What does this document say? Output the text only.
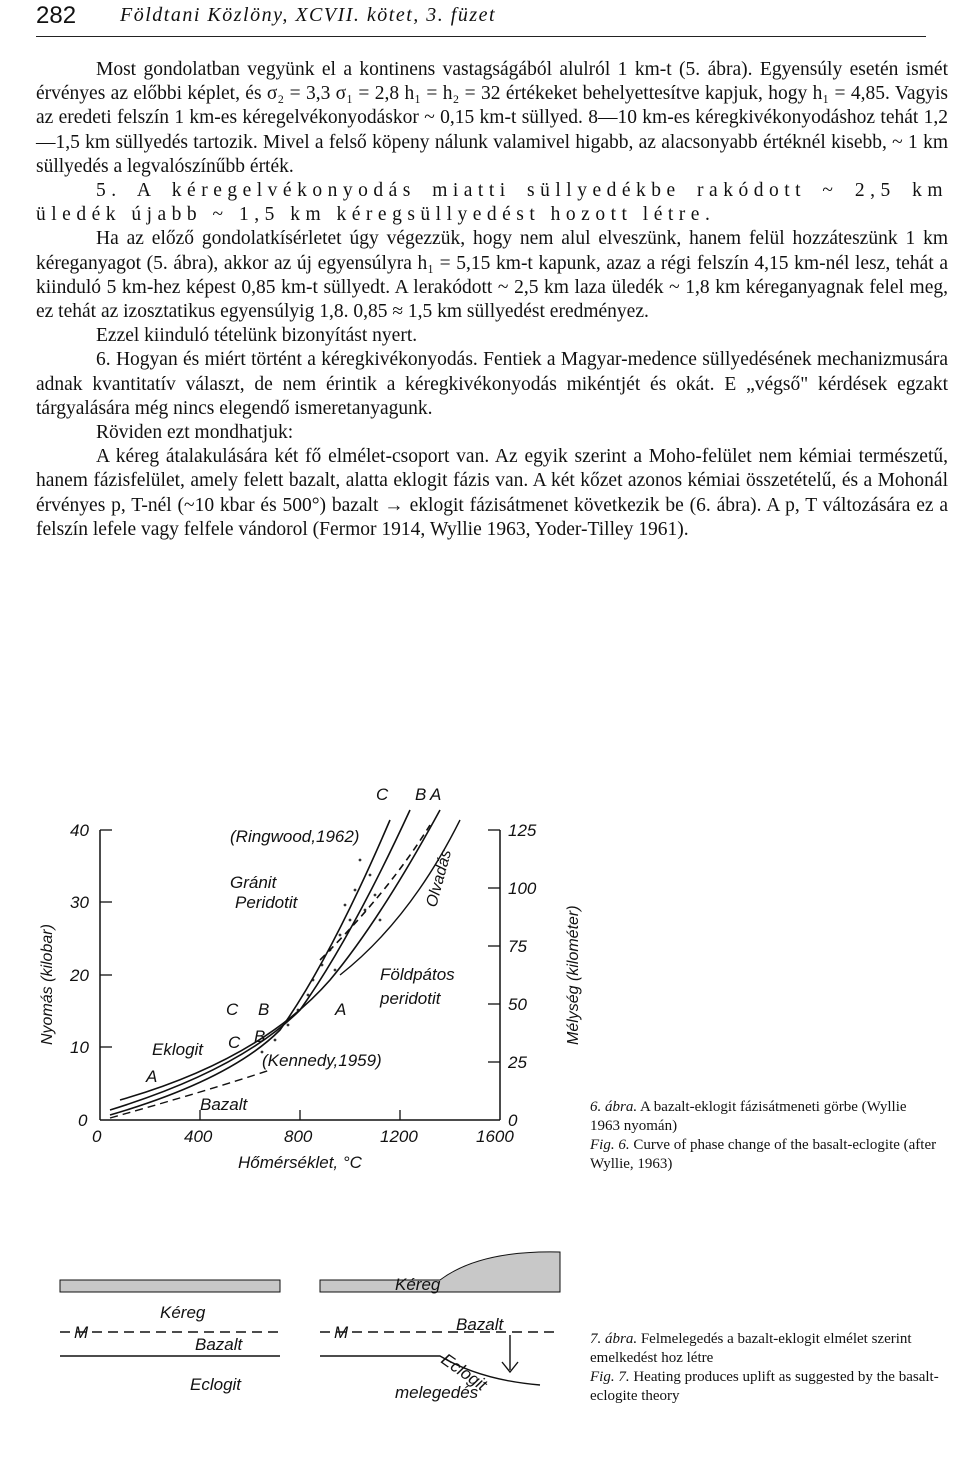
282 Földtani Közlöny, XCVII. kötet, 3. füzet

Most gondolatban vegyünk el a kontinens vastagságából alulról 1 km-t (5. ábra). Egyensúly esetén ismét érvényes az előbbi képlet, és σ₂ = 3,3 σ₁ = 2,8 h₁ = h₂ = 32 értékeket behelyettesítve kapjuk, hogy h₁ = 4,85. Vagyis az eredeti felszín 1 km-es kéregelvékonyodáskor ~ 0,15 km-t süllyed. 8—10 km-es kéregkivékonyodáshoz tehát 1,2—1,5 km süllyedés tartozik. Mivel a felső köpeny nálunk valamivel higabb, az alacsonyabb értéknél kisebb, ~ 1 km süllyedés a legvalószínűbb érték.

5. A kéregelvékonyodás miatti süllyedékbe rakódott ~ 2,5 km üledék újabb ~ 1,5 km kéregsüllyedést hozott létre.

Ha az előző gondolatkísérletet úgy végezzük, hogy nem alul elveszünk, hanem felül hozzáteszünk 1 km kéreganyagot (5. ábra), akkor az új egyensúlyra h₁ = 5,15 km-t kapunk, azaz a régi felszín 4,15 km-nél lesz, tehát a kiinduló 5 km-hez képest 0,85 km-t süllyedt. A lerakódott ~ 2,5 km laza üledék ~ 1,8 km kéreganyagnak felel meg, ez tehát az izosztatikus egyensúlyig 1,8. 0,85 ≈ 1,5 km süllyedést eredményez.

Ezzel kiinduló tételünk bizonyítást nyert.

6. Hogyan és miért történt a kéregkivékonyodás. Fentiek a Magyar-medence süllyedésének mechanizmusára adnak kvantitatív választ, de nem érintik a kéregkivékonyodás mikéntjét és okát. E „végső" kérdések egzakt tárgyalására még nincs elegendő ismeretanyagunk.

Röviden ezt mondhatjuk:

A kéreg átalakulására két fő elmélet-csoport van. Az egyik szerint a Moho-felület nem kémiai természetű, hanem fázisfelület, amely felett bazalt, alatta eklogit fázis van. A két kőzet azonos kémiai összetételű, és a Mohonál érvényes p, T-nél (~10 kbar és 500°) bazalt → eklogit fázisátmenet következik be (6. ábra). A p, T változására ez a felszín lefele vagy felfele vándorol (Fermor 1914, Wyllie 1963, Yoder-Tilley 1961).

40
30
20
10
0
Nyomás (kilobar)
0	400	800	1200	1600
Hőmérséklet, °C
125
100
75
50
25
0
Mélység (kilométer)
C B A
(Ringwood,1962)
Gránit
Peridotit	Olvadás
Földpátos
peridotit
C B	A
Eklogit C B
A
(Kennedy,1959)
Bazalt	6. ábra. A bazalt-eklogit fázisátmeneti görbe (Wyllie 1963 nyomán)
Fig. 6. Curve of phase change of the basalt-eclogite (after Wyllie, 1963)
Kéreg
M
Bazalt
Eclogit
Kéreg
M	Bazalt
Eclogit
melegedés
7. ábra. Felmelegedés a bazalt-eklogit elmélet szerint emelkedést hoz létre
Fig. 7. Heating produces uplift as suggested by the basalt-eclogite theory
